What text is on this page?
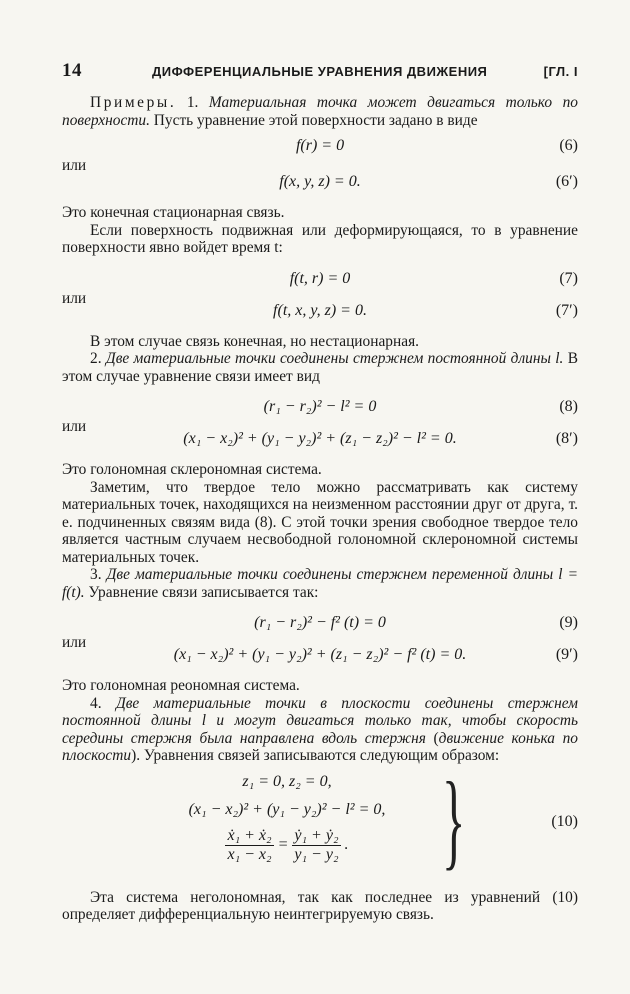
14	ДИФФЕРЕНЦИАЛЬНЫЕ УРАВНЕНИЯ ДВИЖЕНИЯ	[ГЛ. I

Примеры. 1. Материальная точка может двигаться только по поверхности. Пусть уравнение этой поверхности задано в виде

f(r) = 0	(6)
или
f(x, y, z) = 0.	(6′)

Это конечная стационарная связь.

Если поверхность подвижная или деформирующаяся, то в уравнение поверхности явно войдет время t:

f(t, r) = 0	(7)
или
f(t, x, y, z) = 0.	(7′)

В этом случае связь конечная, но нестационарная.

2. Две материальные точки соединены стержнем постоянной длины l. В этом случае уравнение связи имеет вид

(r₁ − r₂)² − l² = 0	(8)
или
(x₁ − x₂)² + (y₁ − y₂)² + (z₁ − z₂)² − l² = 0.	(8′)

Это голономная склерономная система.

Заметим, что твердое тело можно рассматривать как систему материальных точек, находящихся на неизменном расстоянии друг от друга, т. е. подчиненных связям вида (8). С этой точки зрения свободное твердое тело является частным случаем несвободной голономной склерономной системы материальных точек.

3. Две материальные точки соединены стержнем переменной длины l = f(t). Уравнение связи записывается так:

(r₁ − r₂)² − f² (t) = 0	(9)
или
(x₁ − x₂)² + (y₁ − y₂)² + (z₁ − z₂)² − f² (t) = 0.	(9′)

Это голономная реономная система.

4. Две материальные точки в плоскости соединены стержнем постоянной длины l и могут двигаться только так, чтобы скорость середины стержня была направлена вдоль стержня (движение конька по плоскости). Уравнения связей записываются следующим образом:

z₁ = 0, z₂ = 0,
(x₁ − x₂)² + (y₁ − y₂)² − l² = 0,
$\frac{\text{ẋ₁ + ẋ₂}}{\text{x₁ − x₂}} = \frac{\text{ẏ₁ + ẏ₂}}{\text{y₁ − y₂}}$ . }	(10)

Эта система неголономная, так как последнее из уравнений (10) определяет дифференциальную неинтегрируемую связь.
